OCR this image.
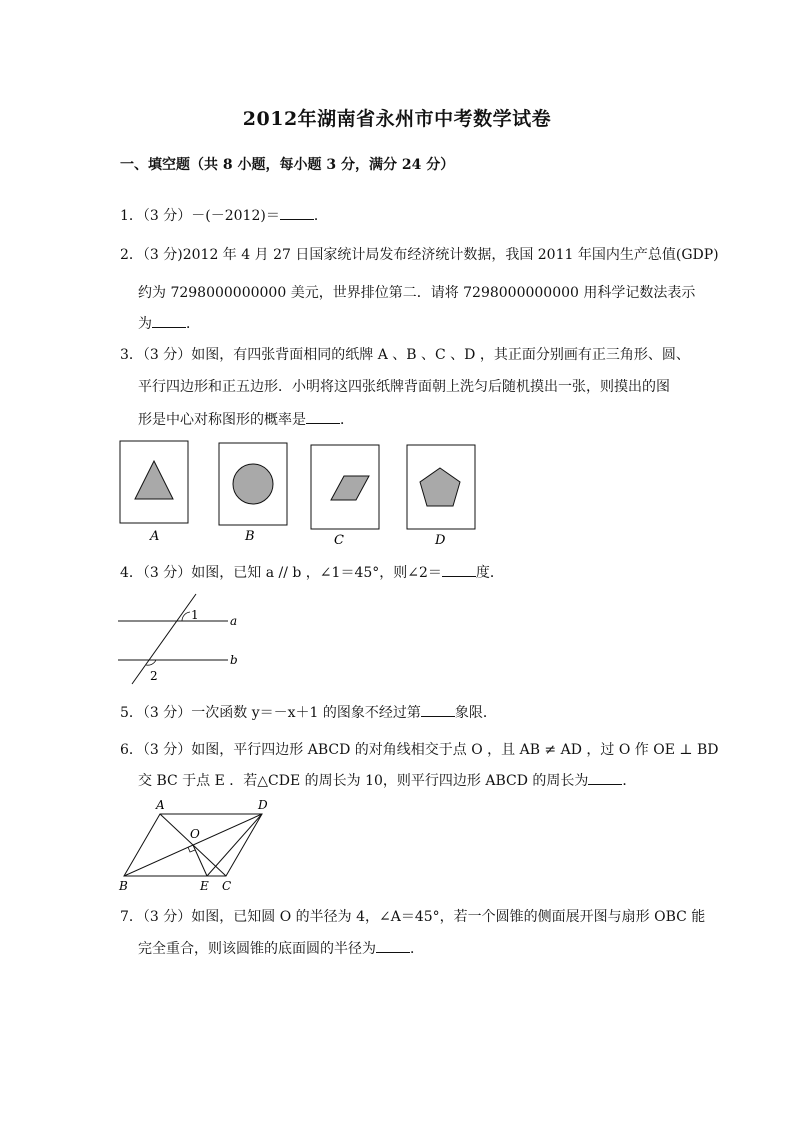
2012年湖南省永州市中考数学试卷
一、填空题（共 8 小题，每小题 3 分，满分 24 分）
1．（3 分）－(－2012)＝ ．
2．（3 分)2012 年 4 月 27 日国家统计局发布经济统计数据，我国 2011 年国内生产总值(GDP)
约为 7298000000000 美元，世界排位第二．请将 7298000000000 用科学记数法表示
为 ．
3．（3 分）如图，有四张背面相同的纸牌 A 、B 、C 、D ，其正面分别画有正三角形、圆、
平行四边形和正五边形．小明将这四张纸牌背面朝上洗匀后随机摸出一张，则摸出的图
形是中心对称图形的概率是 ．
A	B	C	D
4．（3 分）如图，已知 a // b ，∠1＝45°，则∠2＝ 度．
1
2
a
b
5．（3 分）一次函数 y＝－x＋1 的图象不经过第 象限．
6．（3 分）如图，平行四边形 ABCD 的对角线相交于点 O ，且 AB ≠ AD ，过 O 作 OE ⊥ BD
交 BC 于点 E ．若△CDE 的周长为 10，则平行四边形 ABCD 的周长为 ．
A	D
O
B	E C
7．（3 分）如图，已知圆 O 的半径为 4，∠A＝45°，若一个圆锥的侧面展开图与扇形 OBC 能
完全重合，则该圆锥的底面圆的半径为 ．
